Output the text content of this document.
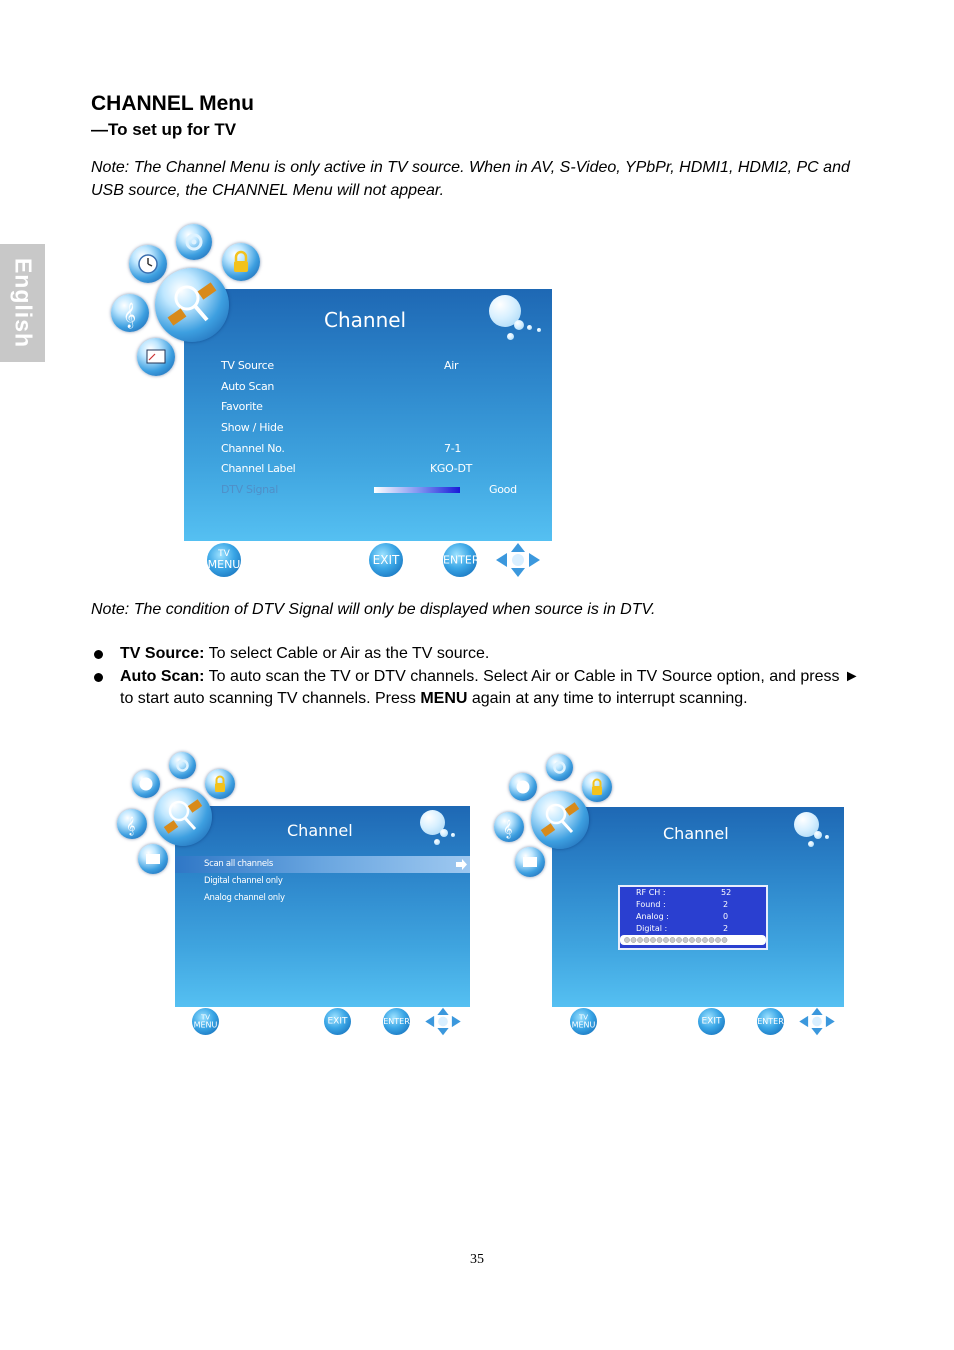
English
CHANNEL Menu
—To set up for TV
Note: The Channel Menu is only active in TV source. When in AV, S-Video, YPbPr, HDMI1, HDMI2, PC and USB source, the CHANNEL Menu will not appear.
𝄞	Channel
TV Source	Air
Auto Scan
Favorite
Show / Hide
Channel No.	7-1
Channel Label	KGO-DT
DTV Signal	Good
TV
MENU	EXIT	ENTER
Note: The condition of DTV Signal will only be displayed when source is in DTV.
TV Source: To select Cable or Air as the TV source.
Auto Scan: To auto scan the TV or DTV channels. Select Air or Cable in TV Source option, and press ► to start auto scanning TV channels. Press MENU again at any time to interrupt scanning.
𝄞	Channel
Scan all channels
Digital channel only
Analog channel only
TV
MENU	EXIT	ENTER
𝄞	Channel
RF CH :	52
Found :	2
Analog :	0
Digital :	2
TV
MENU	EXIT	ENTER
35
